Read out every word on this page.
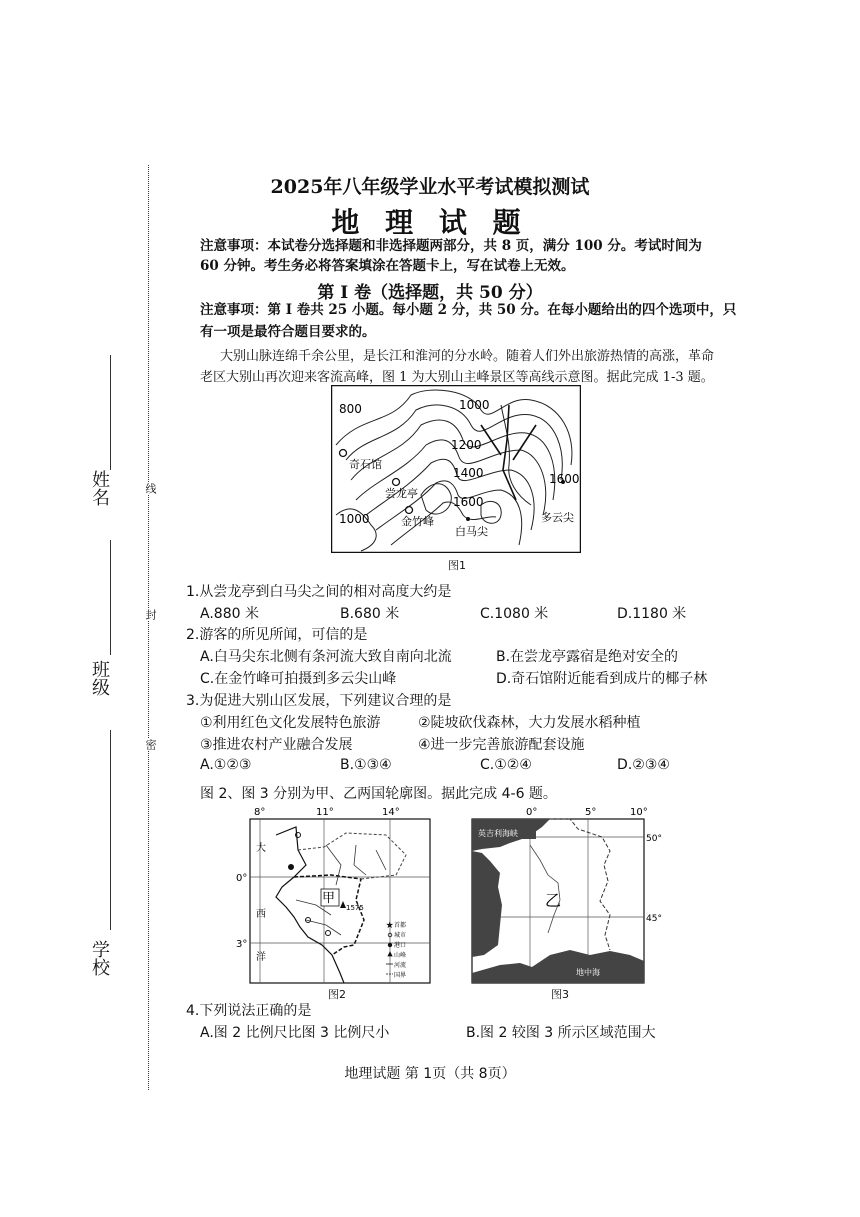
线
封
密
姓名
班级
学校
2025年八年级学业水平考试模拟测试
地 理 试 题
注意事项：本试卷分选择题和非选择题两部分，共 8 页，满分 100 分。考试时间为
60 分钟。考生务必将答案填涂在答题卡上，写在试卷上无效。
第 I 卷（选择题，共 50 分）
注意事项：第 I 卷共 25 小题。每小题 2 分，共 50 分。在每小题给出的四个选项中，只
有一项是最符合题目要求的。
大别山脉连绵千余公里，是长江和淮河的分水岭。随着人们外出旅游热情的高涨，革命
老区大别山再次迎来客流高峰，图 1 为大别山主峰景区等高线示意图。据此完成 1-3 题。
800	1000
1200
1400
1600
1600
1000
奇石馆
尝龙亭
金竹峰
白马尖
多云尖
图1
1.从尝龙亭到白马尖之间的相对高度大约是
A.880 米	B.680 米	C.1080 米	D.1180 米
2.游客的所见所闻，可信的是
A.白马尖东北侧有条河流大致自南向北流	B.在尝龙亭露宿是绝对安全的
C.在金竹峰可拍摄到多云尖山峰	D.奇石馆附近能看到成片的椰子林
3.为促进大别山区发展，下列建议合理的是
①利用红色文化发展特色旅游	②陡坡砍伐森林，大力发展水稻种植
③推进农村产业融合发展	④进一步完善旅游配套设施
A.①②③	B.①③④	C.①②④	D.②③④
图 2、图 3 分别为甲、乙两国轮廓图。据此完成 4-6 题。
8°	11°	14°
0°
3°
甲
1575
大
西
洋
首都
城市
港口
山峰
河流
国界
★
图2
0°	5°	10°
50°
45°
英吉利海峡
乙
地中海
图3
4.下列说法正确的是
A.图 2 比例尺比图 3 比例尺小	B.图 2 较图 3 所示区域范围大
地理试题 第 1页（共 8页）
